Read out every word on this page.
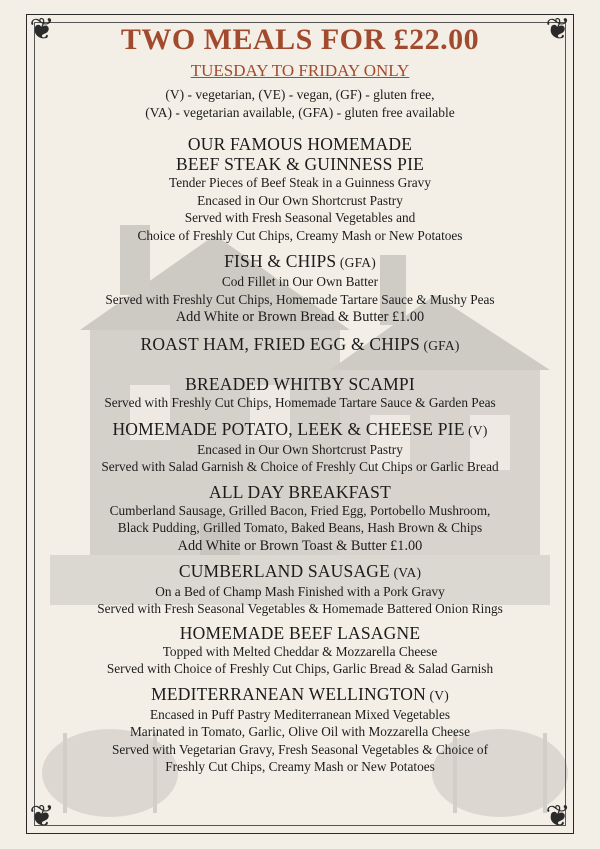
❦	❦
❦	❦
TWO MEALS FOR £22.00
TUESDAY TO FRIDAY ONLY

(V) - vegetarian, (VE) - vegan, (GF) - gluten free,

(VA) - vegetarian available, (GFA) - gluten free available

OUR FAMOUS HOMEMADE

BEEF STEAK & GUINNESS PIE

Tender Pieces of Beef Steak in a Guinness Gravy

Encased in Our Own Shortcrust Pastry

Served with Fresh Seasonal Vegetables and

Choice of Freshly Cut Chips, Creamy Mash or New Potatoes

FISH & CHIPS (GFA)

Cod Fillet in Our Own Batter

Served with Freshly Cut Chips, Homemade Tartare Sauce & Mushy Peas

Add White or Brown Bread & Butter £1.00

ROAST HAM, FRIED EGG & CHIPS (GFA)

BREADED WHITBY SCAMPI

Served with Freshly Cut Chips, Homemade Tartare Sauce & Garden Peas

HOMEMADE POTATO, LEEK & CHEESE PIE (V)

Encased in Our Own Shortcrust Pastry

Served with Salad Garnish & Choice of Freshly Cut Chips or Garlic Bread

ALL DAY BREAKFAST

Cumberland Sausage, Grilled Bacon, Fried Egg, Portobello Mushroom,

Black Pudding, Grilled Tomato, Baked Beans, Hash Brown & Chips

Add White or Brown Toast & Butter £1.00

CUMBERLAND SAUSAGE (VA)

On a Bed of Champ Mash Finished with a Pork Gravy

Served with Fresh Seasonal Vegetables & Homemade Battered Onion Rings

HOMEMADE BEEF LASAGNE

Topped with Melted Cheddar & Mozzarella Cheese

Served with Choice of Freshly Cut Chips, Garlic Bread & Salad Garnish

MEDITERRANEAN WELLINGTON (V)

Encased in Puff Pastry Mediterranean Mixed Vegetables

Marinated in Tomato, Garlic, Olive Oil with Mozzarella Cheese

Served with Vegetarian Gravy, Fresh Seasonal Vegetables & Choice of

Freshly Cut Chips, Creamy Mash or New Potatoes
